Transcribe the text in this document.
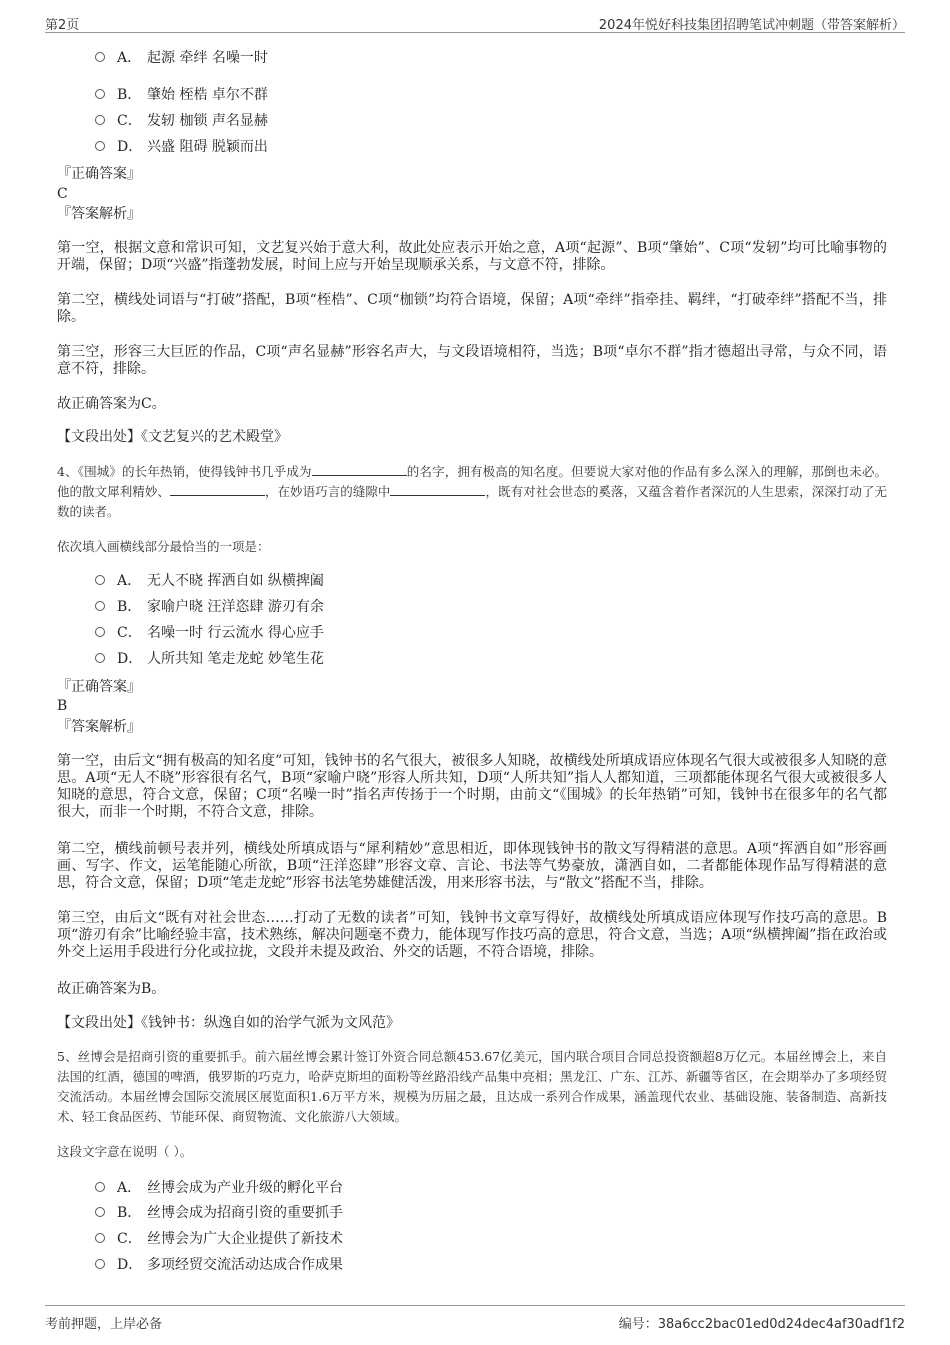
第2页	2024年悦好科技集团招聘笔试冲刺题（带答案解析）
A． 起源 牵绊 名噪一时
B． 肇始 桎梏 卓尔不群
C． 发轫 枷锁 声名显赫
D． 兴盛 阻碍 脱颖而出
『正确答案』
C
『答案解析』

第一空，根据文意和常识可知，文艺复兴始于意大利，故此处应表示开始之意，A项“起源”、B项“肇始”、C项“发轫”均可比喻事物的开端，保留；D项“兴盛”指蓬勃发展，时间上应与开始呈现顺承关系，与文意不符，排除。

第二空，横线处词语与“打破”搭配，B项“桎梏”、C项“枷锁”均符合语境，保留；A项“牵绊”指牵挂、羁绊，“打破牵绊”搭配不当，排除。

第三空，形容三大巨匠的作品，C项“声名显赫”形容名声大，与文段语境相符，当选；B项“卓尔不群”指才德超出寻常，与众不同，语意不符，排除。

故正确答案为C。

【文段出处】《文艺复兴的艺术殿堂》

4、《围城》的长年热销，使得钱钟书几乎成为	的名字，拥有极高的知名度。但要说大家对他的作品有多么深入的理解，那倒也未必。他的散文犀利精妙、	，在妙语巧言的缝隙中	，既有对社会世态的奚落，又蕴含着作者深沉的人生思索，深深打动了无数的读者。

依次填入画横线部分最恰当的一项是：
A． 无人不晓 挥洒自如 纵横捭阖
B． 家喻户晓 汪洋恣肆 游刃有余
C． 名噪一时 行云流水 得心应手
D． 人所共知 笔走龙蛇 妙笔生花
『正确答案』
B
『答案解析』

第一空，由后文“拥有极高的知名度”可知，钱钟书的名气很大，被很多人知晓，故横线处所填成语应体现名气很大或被很多人知晓的意思。A项“无人不晓”形容很有名气，B项“家喻户晓”形容人所共知，D项“人所共知”指人人都知道，三项都能体现名气很大或被很多人知晓的意思，符合文意，保留；C项“名噪一时”指名声传扬于一个时期，由前文“《围城》的长年热销”可知，钱钟书在很多年的名气都很大，而非一个时期，不符合文意，排除。

第二空，横线前顿号表并列，横线处所填成语与“犀利精妙”意思相近，即体现钱钟书的散文写得精湛的意思。A项“挥洒自如”形容画画、写字、作文，运笔能随心所欲，B项“汪洋恣肆”形容文章、言论、书法等气势豪放，潇洒自如，二者都能体现作品写得精湛的意思，符合文意，保留；D项“笔走龙蛇”形容书法笔势雄健活泼，用来形容书法，与“散文”搭配不当，排除。

第三空，由后文“既有对社会世态……打动了无数的读者”可知，钱钟书文章写得好，故横线处所填成语应体现写作技巧高的意思。B项“游刃有余”比喻经验丰富，技术熟练，解决问题毫不费力，能体现写作技巧高的意思，符合文意，当选；A项“纵横捭阖”指在政治或外交上运用手段进行分化或拉拢，文段并未提及政治、外交的话题，不符合语境，排除。

故正确答案为B。

【文段出处】《钱钟书：纵逸自如的治学气派为文风范》

5、丝博会是招商引资的重要抓手。前六届丝博会累计签订外资合同总额453.67亿美元，国内联合项目合同总投资额超8万亿元。本届丝博会上，来自法国的红酒，德国的啤酒，俄罗斯的巧克力，哈萨克斯坦的面粉等丝路沿线产品集中亮相；黑龙江、广东、江苏、新疆等省区，在会期举办了多项经贸交流活动。本届丝博会国际交流展区展览面积1.6万平方米，规模为历届之最，且达成一系列合作成果，涵盖现代农业、基础设施、装备制造、高新技术、轻工食品医药、节能环保、商贸物流、文化旅游八大领域。

这段文字意在说明（ ）。
A． 丝博会成为产业升级的孵化平台
B． 丝博会成为招商引资的重要抓手
C． 丝博会为广大企业提供了新技术
D． 多项经贸交流活动达成合作成果
考前押题，上岸必备	编号：38a6cc2bac01ed0d24dec4af30adf1f2
